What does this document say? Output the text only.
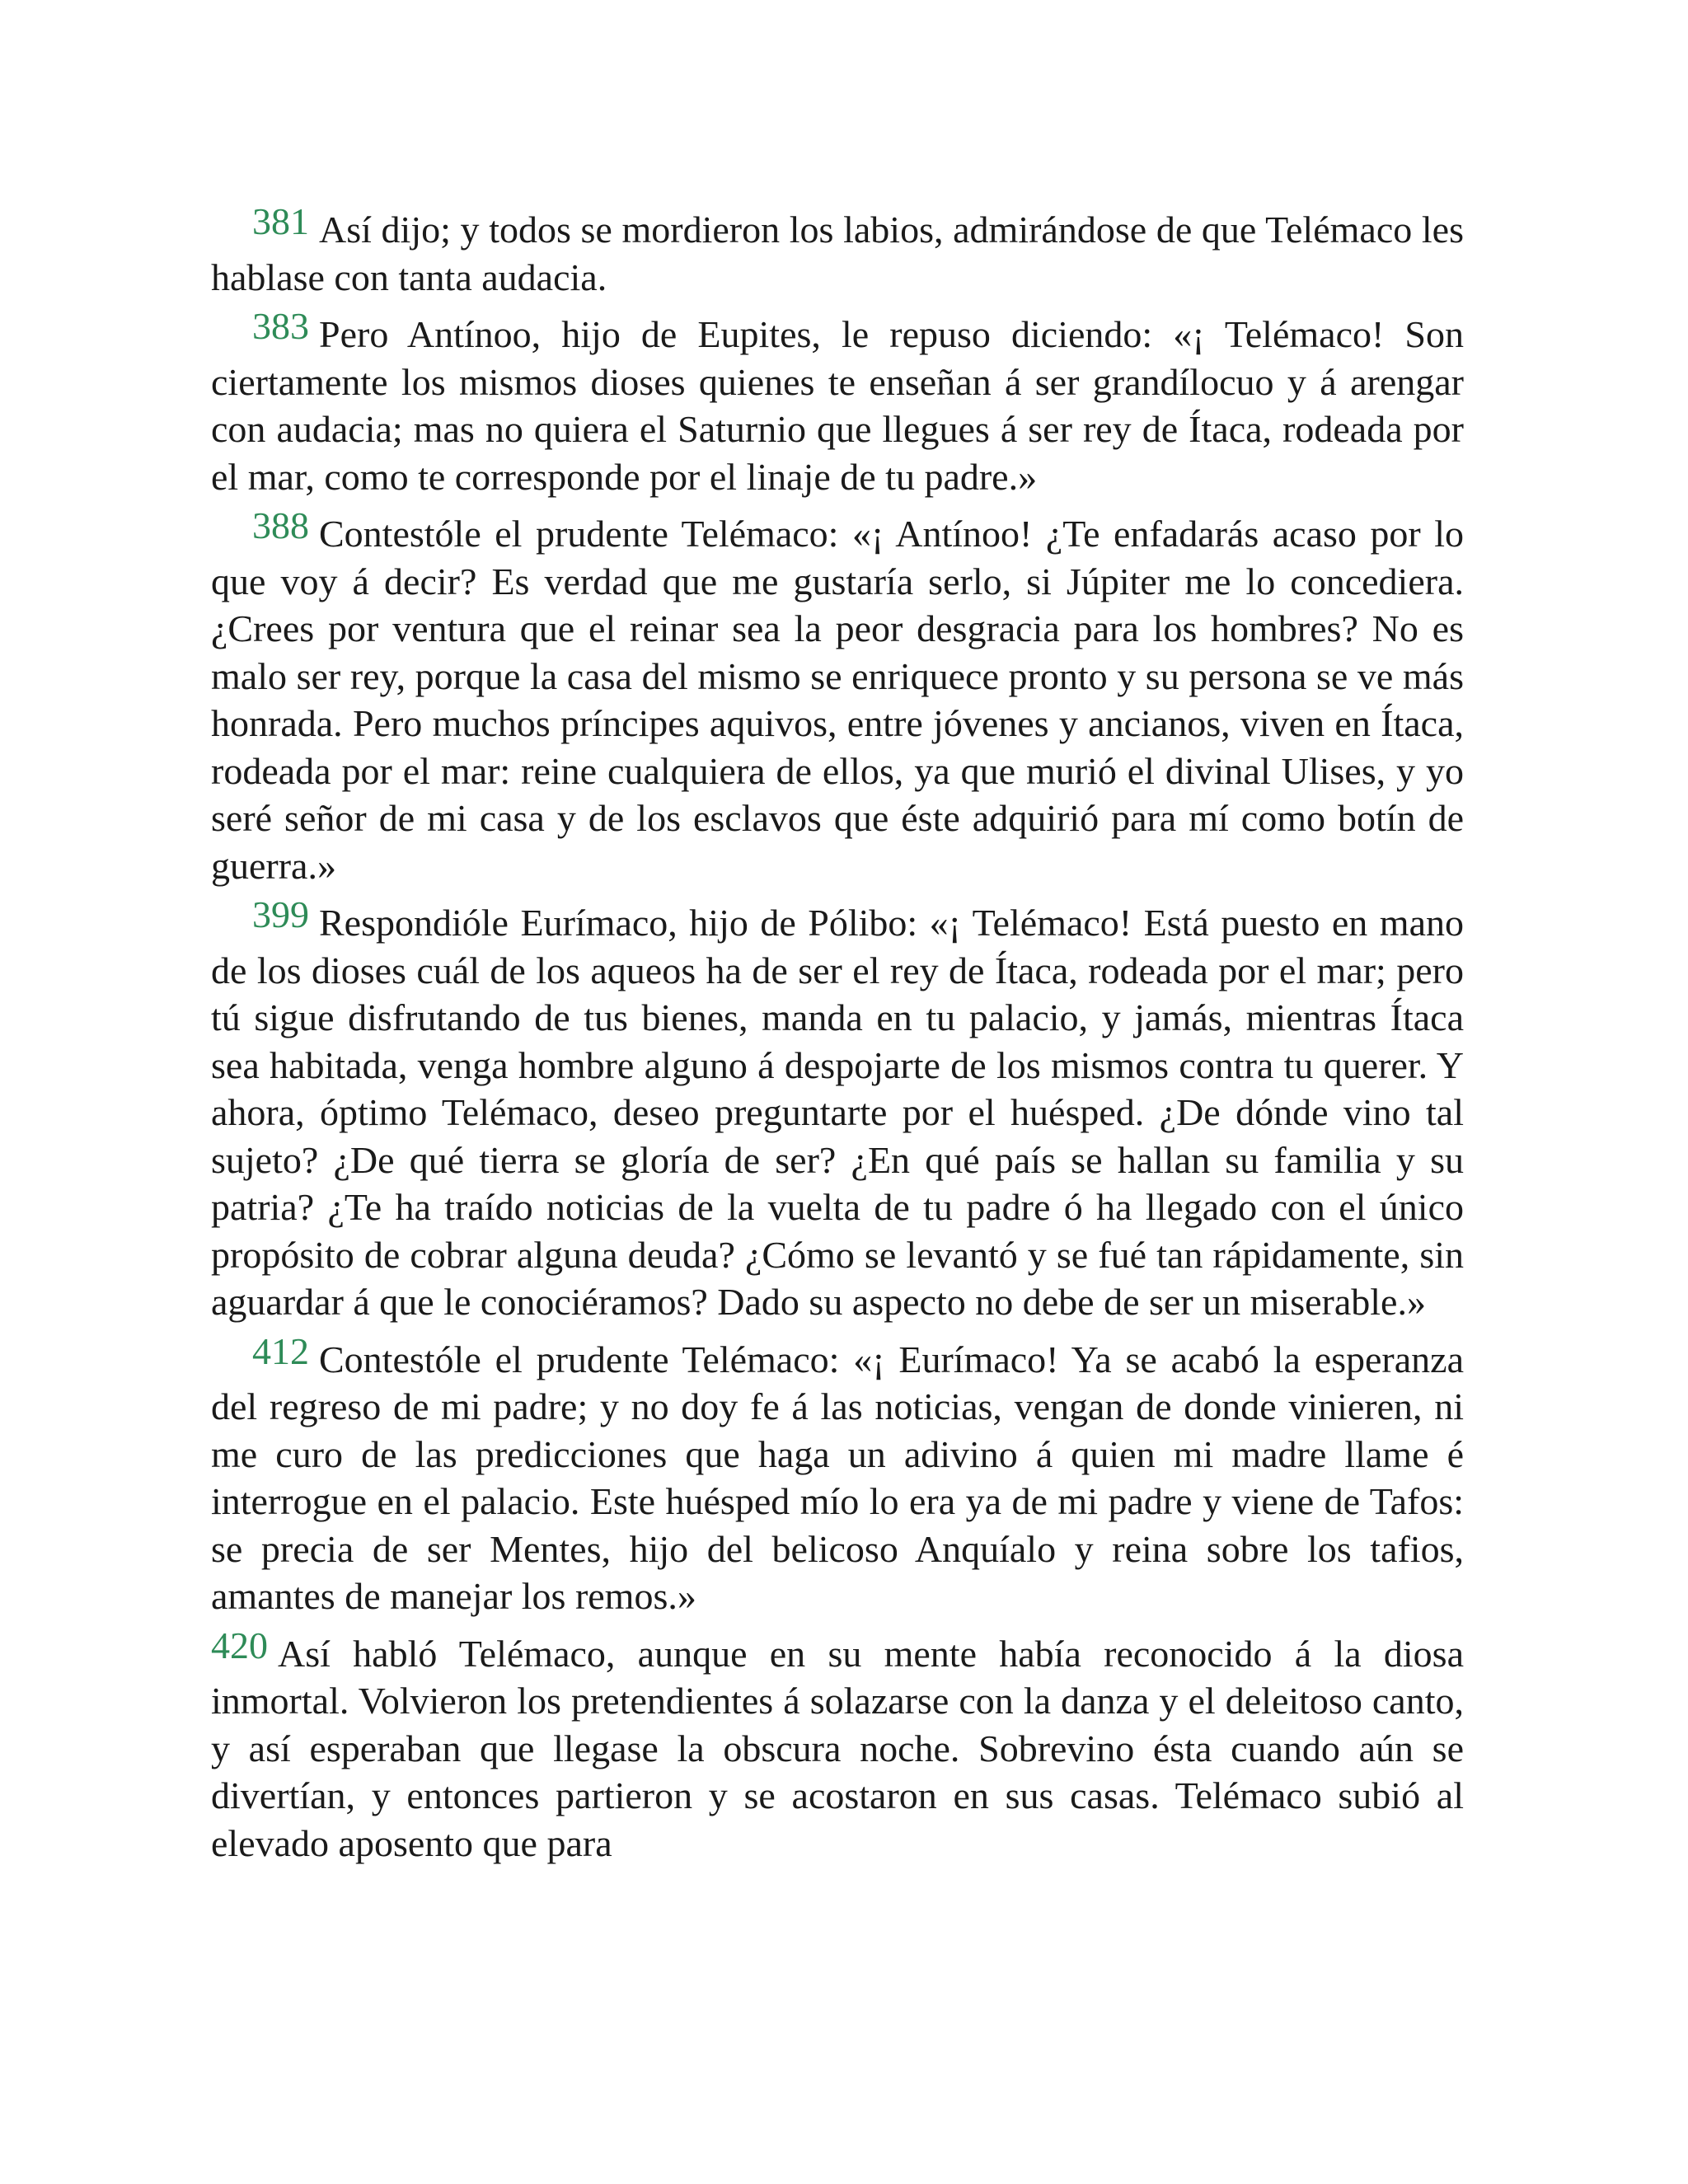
381 Así dijo; y todos se mordieron los labios, admirándose de que Telémaco les hablase con tanta audacia.

383 Pero Antínoo, hijo de Eupites, le repuso diciendo: «¡ Telémaco! Son ciertamente los mismos dioses quienes te enseñan á ser grandílocuo y á arengar con audacia; mas no quiera el Saturnio que llegues á ser rey de Ítaca, rodeada por el mar, como te corresponde por el linaje de tu padre.»

388 Contestóle el prudente Telémaco: «¡ Antínoo! ¿Te enfadarás acaso por lo que voy á decir? Es verdad que me gustaría serlo, si Júpiter me lo concediera. ¿Crees por ventura que el reinar sea la peor desgracia para los hombres? No es malo ser rey, porque la casa del mismo se enriquece pronto y su persona se ve más honrada. Pero muchos príncipes aquivos, entre jóvenes y ancianos, viven en Ítaca, rodeada por el mar: reine cualquiera de ellos, ya que murió el divinal Ulises, y yo seré señor de mi casa y de los esclavos que éste adquirió para mí como botín de guerra.»

399 Respondióle Eurímaco, hijo de Pólibo: «¡ Telémaco! Está puesto en mano de los dioses cuál de los aqueos ha de ser el rey de Ítaca, rodeada por el mar; pero tú sigue disfrutando de tus bienes, manda en tu palacio, y jamás, mientras Ítaca sea habitada, venga hombre alguno á despojarte de los mismos contra tu querer. Y ahora, óptimo Telémaco, deseo preguntarte por el huésped. ¿De dónde vino tal sujeto? ¿De qué tierra se gloría de ser? ¿En qué país se hallan su familia y su patria? ¿Te ha traído noticias de la vuelta de tu padre ó ha llegado con el único propósito de cobrar alguna deuda? ¿Cómo se levantó y se fué tan rápidamente, sin aguardar á que le conociéramos? Dado su aspecto no debe de ser un miserable.»

412 Contestóle el prudente Telémaco: «¡ Eurímaco! Ya se acabó la esperanza del regreso de mi padre; y no doy fe á las noticias, vengan de donde vinieren, ni me curo de las predicciones que haga un adivino á quien mi madre llame é interrogue en el palacio. Este huésped mío lo era ya de mi padre y viene de Tafos: se precia de ser Mentes, hijo del belicoso Anquíalo y reina sobre los tafios, amantes de manejar los remos.»

420 Así habló Telémaco, aunque en su mente había reconocido á la diosa inmortal. Volvieron los pretendientes á solazarse con la danza y el deleitoso canto, y así esperaban que llegase la obscura noche. Sobrevino ésta cuando aún se divertían, y entonces partieron y se acostaron en sus casas. Telémaco subió al elevado aposento que para
